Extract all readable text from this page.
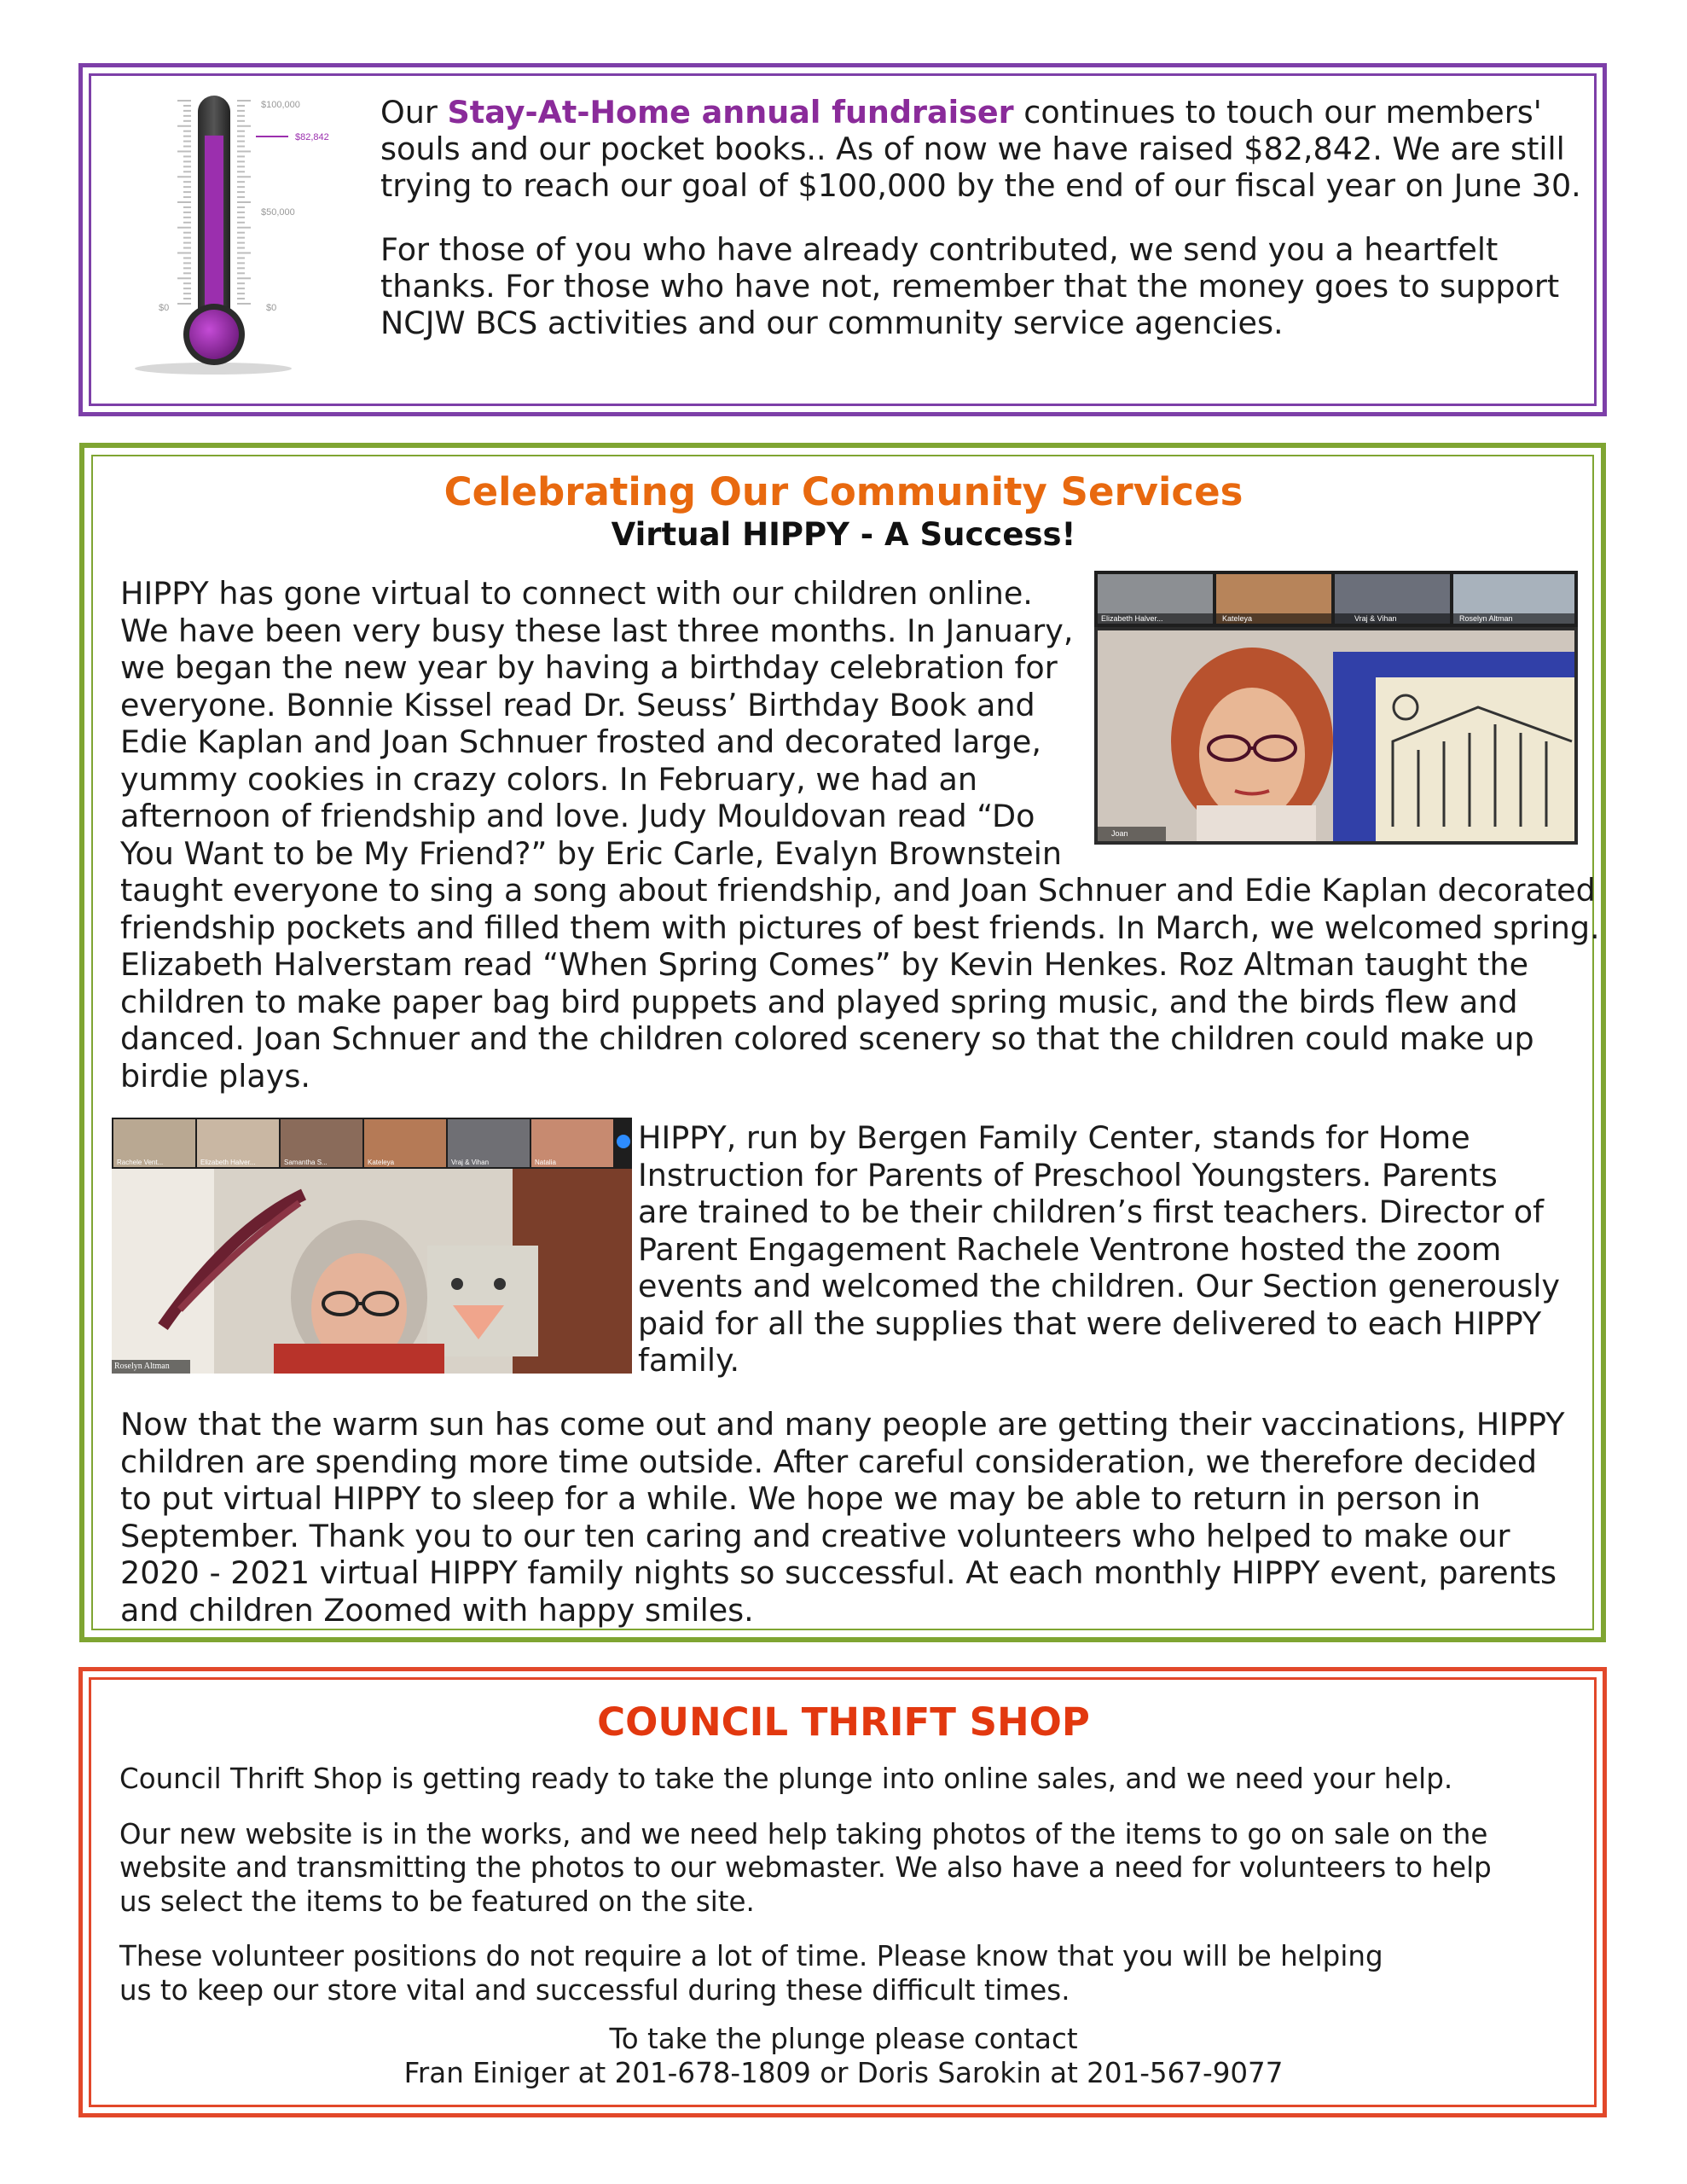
$100,000
$82,842
$50,000
$0	$0

Our Stay-At-Home annual fundraiser continues to touch our members' souls and our pocket books.. As of now we have raised $82,842. We are still trying to reach our goal of $100,000 by the end of our fiscal year on June 30.

For those of you who have already contributed, we send you a heartfelt thanks. For those who have not, remember that the money goes to support NCJW BCS activities and our community service agencies.

Celebrating Our Community Services
Virtual HIPPY - A Success!
HIPPY has gone virtual to connect with our children online.
We have been very busy these last three months. In January,
we began the new year by having a birthday celebration for
everyone. Bonnie Kissel read Dr. Seuss’ Birthday Book and
Edie Kaplan and Joan Schnuer frosted and decorated large,
yummy cookies in crazy colors. In February, we had an
afternoon of friendship and love. Judy Mouldovan read “Do
You Want to be My Friend?” by Eric Carle, Evalyn Brownstein
taught everyone to sing a song about friendship, and Joan Schnuer and Edie Kaplan decorated
friendship pockets and filled them with pictures of best friends. In March, we welcomed spring.
Elizabeth Halverstam read “When Spring Comes” by Kevin Henkes. Roz Altman taught the
children to make paper bag bird puppets and played spring music, and the birds flew and
danced. Joan Schnuer and the children colored scenery so that the children could make up
birdie plays.
Elizabeth Halver...	Kateleya	Vraj & Vihan	Roselyn Altman
Joan
Rachele Vent...	Elizabeth Halver...	Samantha S...	Kateleya	Vraj & Vihan	Natalia
Roselyn Altman
HIPPY, run by Bergen Family Center, stands for Home
Instruction for Parents of Preschool Youngsters. Parents
are trained to be their children’s first teachers. Director of
Parent Engagement Rachele Ventrone hosted the zoom
events and welcomed the children. Our Section generously
paid for all the supplies that were delivered to each HIPPY
family.
Now that the warm sun has come out and many people are getting their vaccinations, HIPPY
children are spending more time outside. After careful consideration, we therefore decided
to put virtual HIPPY to sleep for a while. We hope we may be able to return in person in
September. Thank you to our ten caring and creative volunteers who helped to make our
2020 - 2021 virtual HIPPY family nights so successful. At each monthly HIPPY event, parents
and children Zoomed with happy smiles.
COUNCIL THRIFT SHOP

Council Thrift Shop is getting ready to take the plunge into online sales, and we need your help.

Our new website is in the works, and we need help taking photos of the items to go on sale on the
website and transmitting the photos to our webmaster. We also have a need for volunteers to help
us select the items to be featured on the site.

These volunteer positions do not require a lot of time. Please know that you will be helping
us to keep our store vital and successful during these difficult times.

To take the plunge please contact
Fran Einiger at 201-678-1809 or Doris Sarokin at 201-567-9077
